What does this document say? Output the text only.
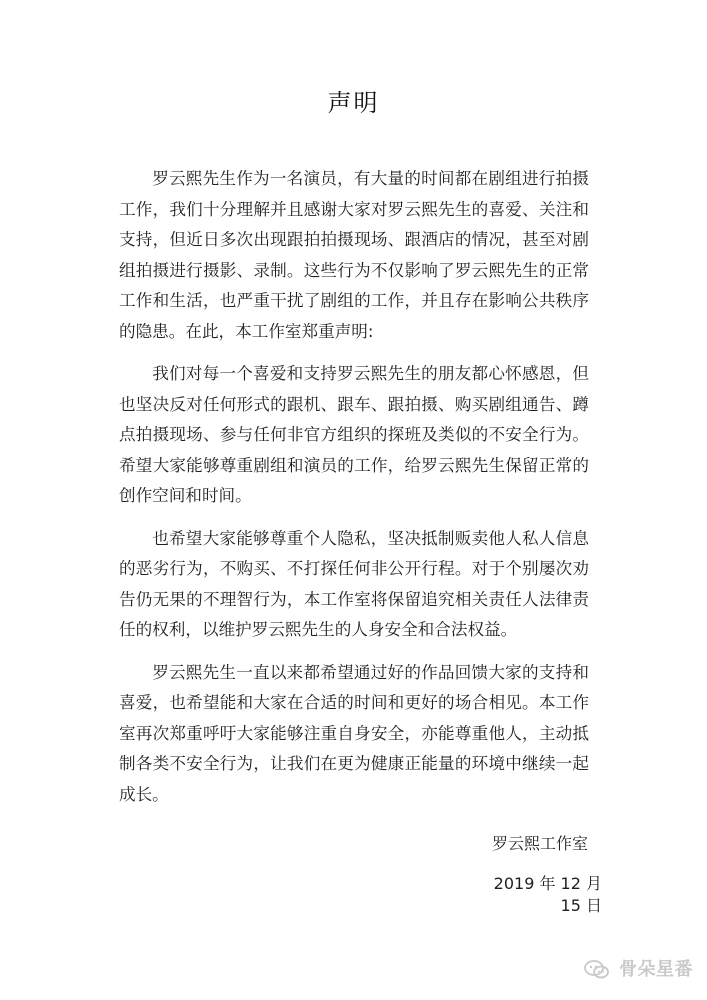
声明

罗云熙先生作为一名演员，有大量的时间都在剧组进行拍摄工作，我们十分理解并且感谢大家对罗云熙先生的喜爱、关注和支持，但近日多次出现跟拍拍摄现场、跟酒店的情况，甚至对剧组拍摄进行摄影、录制。这些行为不仅影响了罗云熙先生的正常工作和生活，也严重干扰了剧组的工作，并且存在影响公共秩序的隐患。在此，本工作室郑重声明:

我们对每一个喜爱和支持罗云熙先生的朋友都心怀感恩，但也坚决反对任何形式的跟机、跟车、跟拍摄、购买剧组通告、蹲点拍摄现场、参与任何非官方组织的探班及类似的不安全行为。希望大家能够尊重剧组和演员的工作，给罗云熙先生保留正常的创作空间和时间。

也希望大家能够尊重个人隐私，坚决抵制贩卖他人私人信息的恶劣行为，不购买、不打探任何非公开行程。对于个别屡次劝告仍无果的不理智行为，本工作室将保留追究相关责任人法律责任的权利，以维护罗云熙先生的人身安全和合法权益。

罗云熙先生一直以来都希望通过好的作品回馈大家的支持和喜爱，也希望能和大家在合适的时间和更好的场合相见。本工作室再次郑重呼吁大家能够注重自身安全，亦能尊重他人，主动抵制各类不安全行为，让我们在更为健康正能量的环境中继续一起成长。

罗云熙工作室
2019 年 12 月 15 日
骨朵星番
